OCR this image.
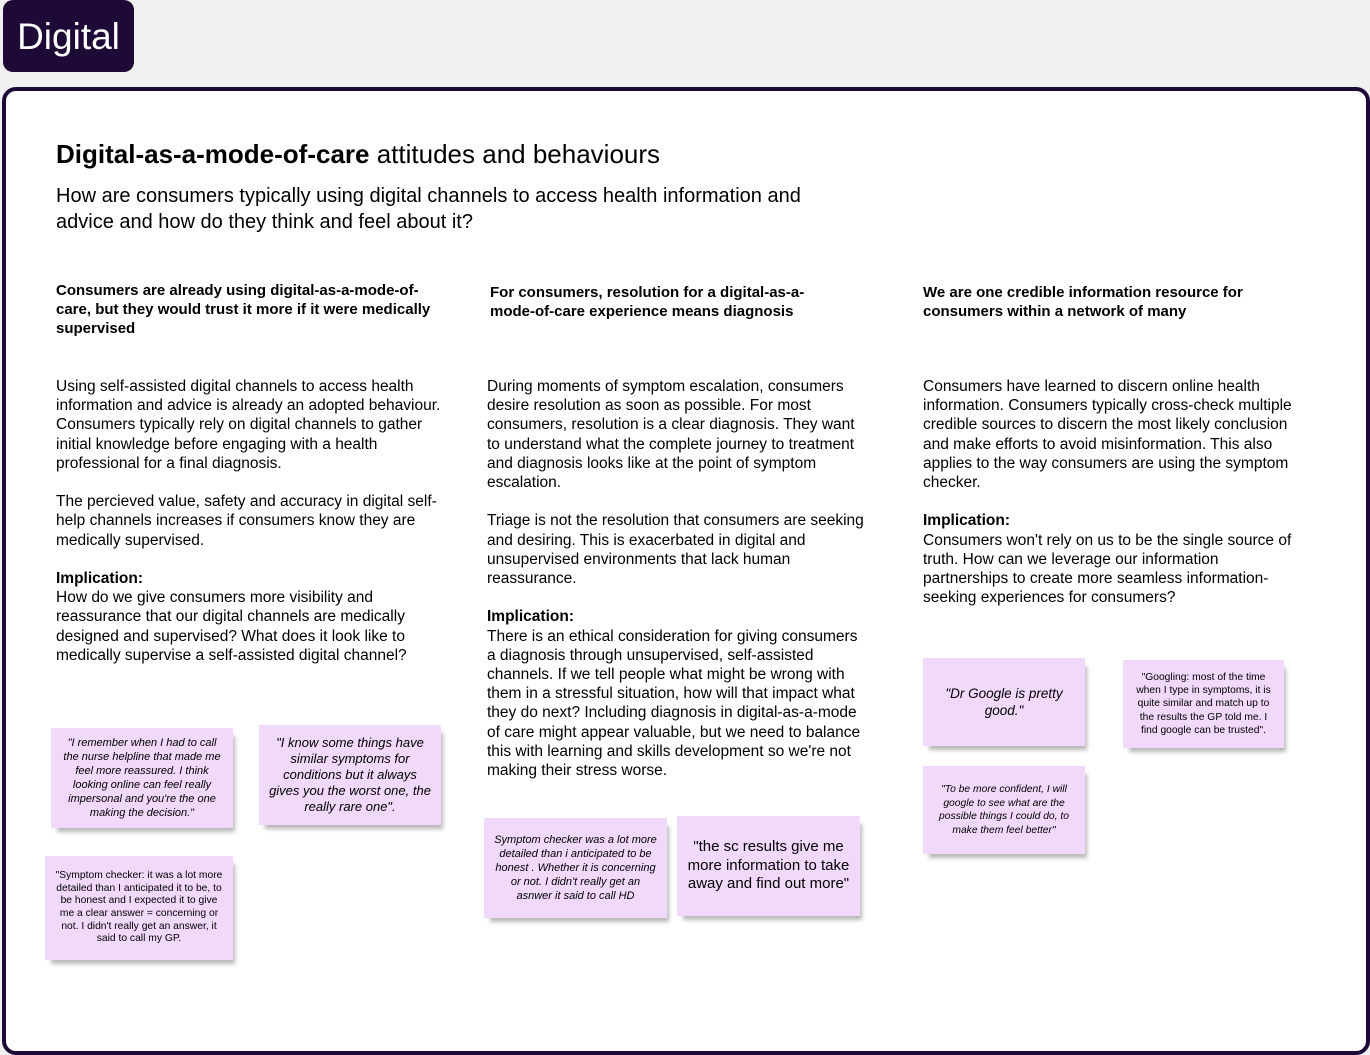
Digital
Digital-as-a-mode-of-care attitudes and behaviours
How are consumers typically using digital channels to access health information and advice and how do they think and feel about it?
Consumers are already using digital-as-a-mode-of-care, but they would trust it more if it were medically supervised

Using self-assisted digital channels to access health information and advice is already an adopted behaviour. Consumers typically rely on digital channels to gather initial knowledge before engaging with a health professional for a final diagnosis.

The percieved value, safety and accuracy in digital self-help channels increases if consumers know they are medically supervised.

Implication:
How do we give consumers more visibility and reassurance that our digital channels are medically designed and supervised? What does it look like to medically supervise a self-assisted digital channel?

For consumers, resolution for a digital-as-a-mode-of-care experience means diagnosis

During moments of symptom escalation, consumers desire resolution as soon as possible. For most consumers, resolution is a clear diagnosis. They want to understand what the complete journey to treatment and diagnosis looks like at the point of symptom escalation.

Triage is not the resolution that consumers are seeking and desiring. This is exacerbated in digital and unsupervised environments that lack human reassurance.

Implication:
There is an ethical consideration for giving consumers a diagnosis through unsupervised, self-assisted channels. If we tell people what might be wrong with them in a stressful situation, how will that impact what they do next? Including diagnosis in digital-as-a-mode of care might appear valuable, but we need to balance this with learning and skills development so we're not making their stress worse.

We are one credible information resource for consumers within a network of many

Consumers have learned to discern online health information. Consumers typically cross-check multiple credible sources to discern the most likely conclusion and make efforts to avoid misinformation. This also applies to the way consumers are using the symptom checker.

Implication:
Consumers won't rely on us to be the single source of truth. How can we leverage our information partnerships to create more seamless information-seeking experiences for consumers?

"I remember when I had to call the nurse helpline that made me feel more reassured. I think looking online can feel really impersonal and you're the one making the decision."
"I know some things have similar symptoms for conditions but it always gives you the worst one, the really rare one".
"Symptom checker: it was a lot more detailed than I anticipated it to be, to be honest and I expected it to give me a clear answer = concerning or not. I didn't really get an answer, it said to call my GP.
Symptom checker was a lot more detailed than i anticipated to be honest . Whether it is concerning or not. I didn't really get an asnwer it said to call HD
"the sc results give me more information to take away and find out more"
"Dr Google is pretty good."
"Googling: most of the time when I type in symptoms, it is quite similar and match up to the results the GP told me. I find google can be trusted".
"To be more confident, I will google to see what are the possible things I could do, to make them feel better"
